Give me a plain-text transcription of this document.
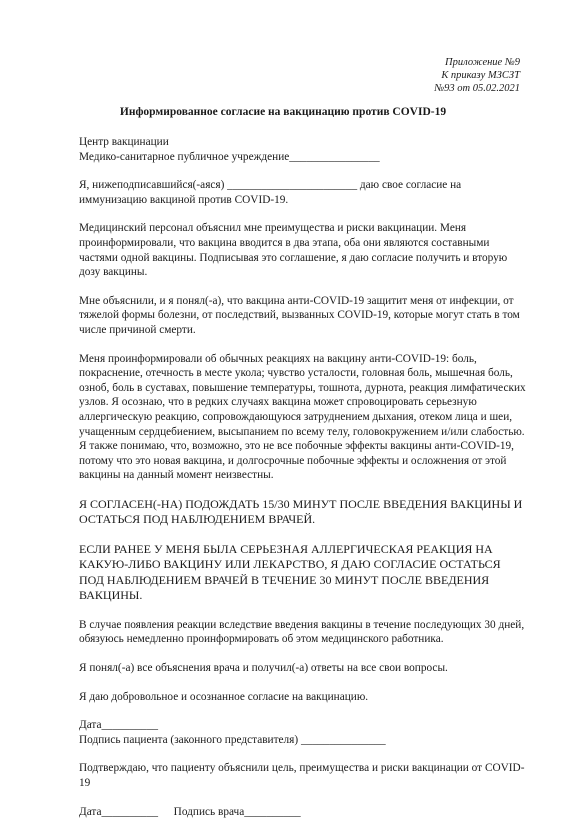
Приложение №9
К приказу МЗСЗТ
№93 от 05.02.2021
Информированное согласие на вакцинацию против COVID-19

Центр вакцинации
Медико-санитарное публичное учреждение________________

Я, нижеподписавшийся(-аяся) _______________________ даю свое согласие на иммунизацию вакциной против COVID-19.

Медицинский персонал объяснил мне преимущества и риски вакцинации. Меня проинформировали, что вакцина вводится в два этапа, оба они являются составными частями одной вакцины. Подписывая это соглашение, я даю согласие получить и вторую дозу вакцины.

Мне объяснили, и я понял(-а), что вакцина анти-COVID-19 защитит меня от инфекции, от тяжелой формы болезни, от последствий, вызванных COVID-19, которые могут стать в том числе причиной смерти.

Меня проинформировали об обычных реакциях на вакцину анти-COVID-19: боль, покраснение, отечность в месте укола; чувство усталости, головная боль, мышечная боль, озноб, боль в суставах, повышение температуры, тошнота, дурнота, реакция лимфатических узлов. Я осознаю, что в редких случаях вакцина может спровоцировать серьезную аллергическую реакцию, сопровождающуюся затруднением дыхания, отеком лица и шеи, учащенным сердцебиением, высыпанием по всему телу, головокружением и/или слабостью. Я также понимаю, что, возможно, это не все побочные эффекты вакцины анти-COVID-19, потому что это новая вакцина, и долгосрочные побочные эффекты и осложнения от этой вакцины на данный момент неизвестны.

Я СОГЛАСЕН(-НА) ПОДОЖДАТЬ 15/30 МИНУТ ПОСЛЕ ВВЕДЕНИЯ ВАКЦИНЫ И ОСТАТЬСЯ ПОД НАБЛЮДЕНИЕМ ВРАЧЕЙ.

ЕСЛИ РАНЕЕ У МЕНЯ БЫЛА СЕРЬЕЗНАЯ АЛЛЕРГИЧЕСКАЯ РЕАКЦИЯ НА КАКУЮ-ЛИБО ВАКЦИНУ ИЛИ ЛЕКАРСТВО, Я ДАЮ СОГЛАСИЕ ОСТАТЬСЯ ПОД НАБЛЮДЕНИЕМ ВРАЧЕЙ В ТЕЧЕНИЕ 30 МИНУТ ПОСЛЕ ВВЕДЕНИЯ ВАКЦИНЫ.

В случае появления реакции вследствие введения вакцины в течение последующих 30 дней, обязуюсь немедленно проинформировать об этом медицинского работника.

Я понял(-а) все объяснения врача и получил(-а) ответы на все свои вопросы.

Я даю добровольное и осознанное согласие на вакцинацию.

Дата__________
Подпись пациента (законного представителя) _______________

Подтверждаю, что пациенту объяснили цель, преимущества и риски вакцинации от COVID-19

Дата__________ Подпись врача__________
